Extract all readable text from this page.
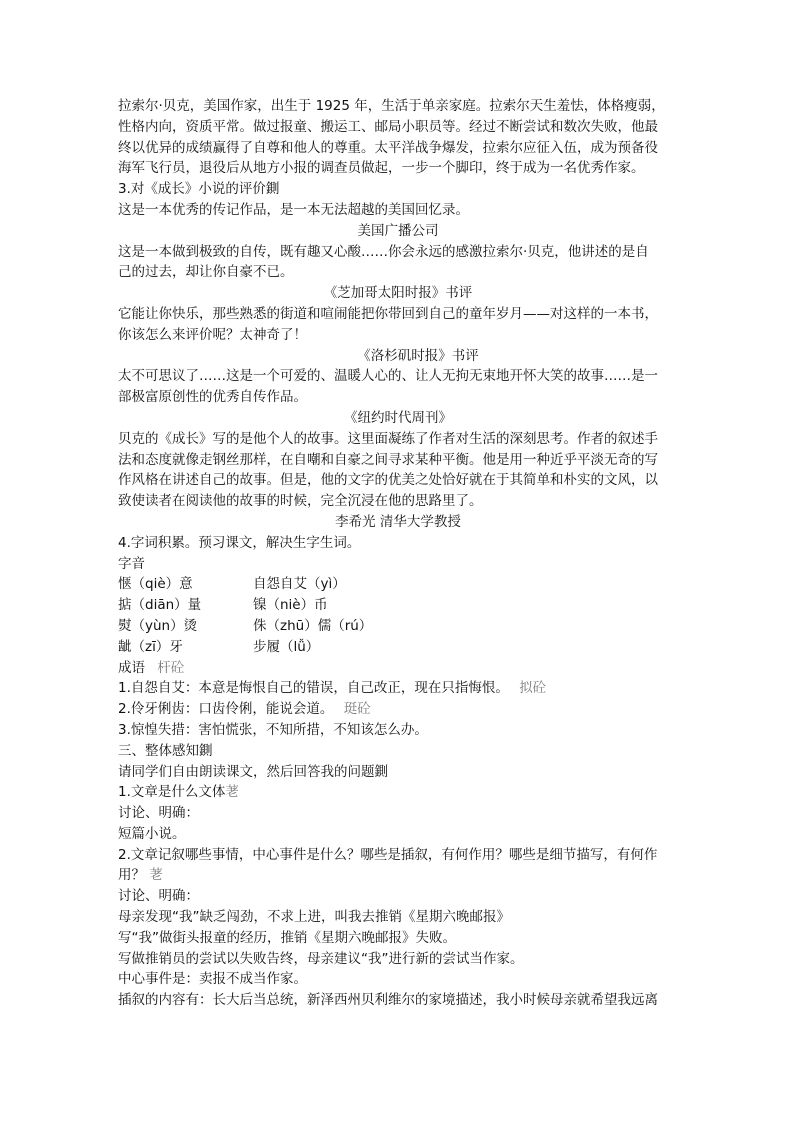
拉索尔·贝克，美国作家，出生于 1925 年，生活于单亲家庭。拉索尔天生羞怯，体格瘦弱，
性格内向，资质平常。做过报童、搬运工、邮局小职员等。经过不断尝试和数次失败，他最
终以优异的成绩赢得了自尊和他人的尊重。太平洋战争爆发，拉索尔应征入伍，成为预备役
海军飞行员，退役后从地方小报的调查员做起，一步一个脚印，终于成为一名优秀作家。
3.对《成长》小说的评价鍘
这是一本优秀的传记作品，是一本无法超越的美国回忆录。
美国广播公司
这是一本做到极致的自传，既有趣又心酸……你会永远的感激拉索尔·贝克，他讲述的是自
己的过去，却让你自豪不已。
《芝加哥太阳时报》书评
它能让你快乐，那些熟悉的街道和喧闹能把你带回到自己的童年岁月——对这样的一本书，
你该怎么来评价呢？太神奇了！
《洛杉矶时报》书评
太不可思议了……这是一个可爱的、温暖人心的、让人无拘无束地开怀大笑的故事……是一
部极富原创性的优秀自传作品。
《纽约时代周刊》
贝克的《成长》写的是他个人的故事。这里面凝练了作者对生活的深刻思考。作者的叙述手
法和态度就像走钢丝那样，在自嘲和自豪之间寻求某种平衡。他是用一种近乎平淡无奇的写
作风格在讲述自己的故事。但是，他的文字的优美之处恰好就在于其简单和朴实的文风，以
致使读者在阅读他的故事的时候，完全沉浸在他的思路里了。
李希光 清华大学教授
4.字词积累。预习课文，解决生字生词。
字音
惬（qiè）意	自怨自艾（yì）
掂（diān）量	镍（niè）币
熨（yùn）烫	侏（zhū）儒（rú）
龇（zī）牙	步履（lǚ）
成语 杆砼
1.自怨自艾：本意是悔恨自己的错误，自己改正，现在只指悔恨。 拟砼
2.伶牙俐齿：口齿伶俐，能说会道。 珽砼
3.惊惶失措：害怕慌张，不知所措，不知该怎么办。
三、整体感知鍘
请同学们自由朗读课文，然后回答我的问题鍘
1.文章是什么文体荖
讨论、明确：
短篇小说。
2.文章记叙哪些事情，中心事件是什么？哪些是插叙，有何作用？哪些是细节描写，有何作
用？ 荖
讨论、明确：
母亲发现“我”缺乏闯劲，不求上进，叫我去推销《星期六晚邮报》
写“我”做街头报童的经历，推销《星期六晚邮报》失败。
写做推销员的尝试以失败告终，母亲建议“我”进行新的尝试当作家。
中心事件是：卖报不成当作家。
插叙的内容有：长大后当总统，新泽西州贝利维尔的家境描述，我小时候母亲就希望我远离
